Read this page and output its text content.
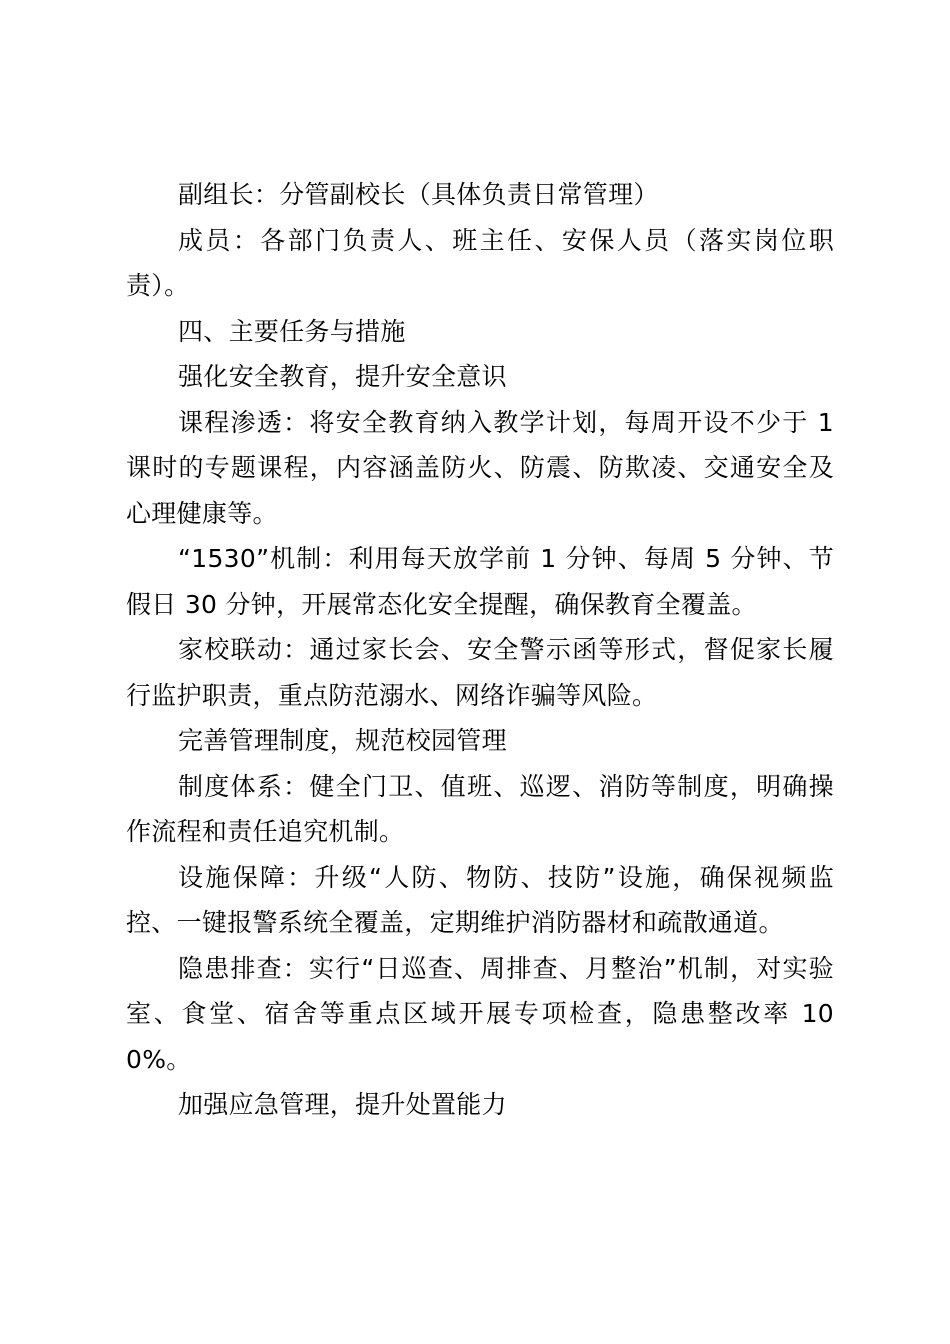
副组长：分管副校长（具体负责日常管理）

成员：各部门负责人、班主任、安保人员（落实岗位职责）。

四、主要任务与措施

强化安全教育，提升安全意识

课程渗透：将安全教育纳入教学计划，每周开设不少于 1 课时的专题课程，内容涵盖防火、防震、防欺凌、交通安全及心理健康等。

“1530”机制：利用每天放学前 1 分钟、每周 5 分钟、节假日 30 分钟，开展常态化安全提醒，确保教育全覆盖。

家校联动：通过家长会、安全警示函等形式，督促家长履行监护职责，重点防范溺水、网络诈骗等风险。

完善管理制度，规范校园管理

制度体系：健全门卫、值班、巡逻、消防等制度，明确操作流程和责任追究机制。

设施保障：升级“人防、物防、技防”设施，确保视频监控、一键报警系统全覆盖，定期维护消防器材和疏散通道。

隐患排查：实行“日巡查、周排查、月整治”机制，对实验室、食堂、宿舍等重点区域开展专项检查，隐患整改率 100%。

加强应急管理，提升处置能力
